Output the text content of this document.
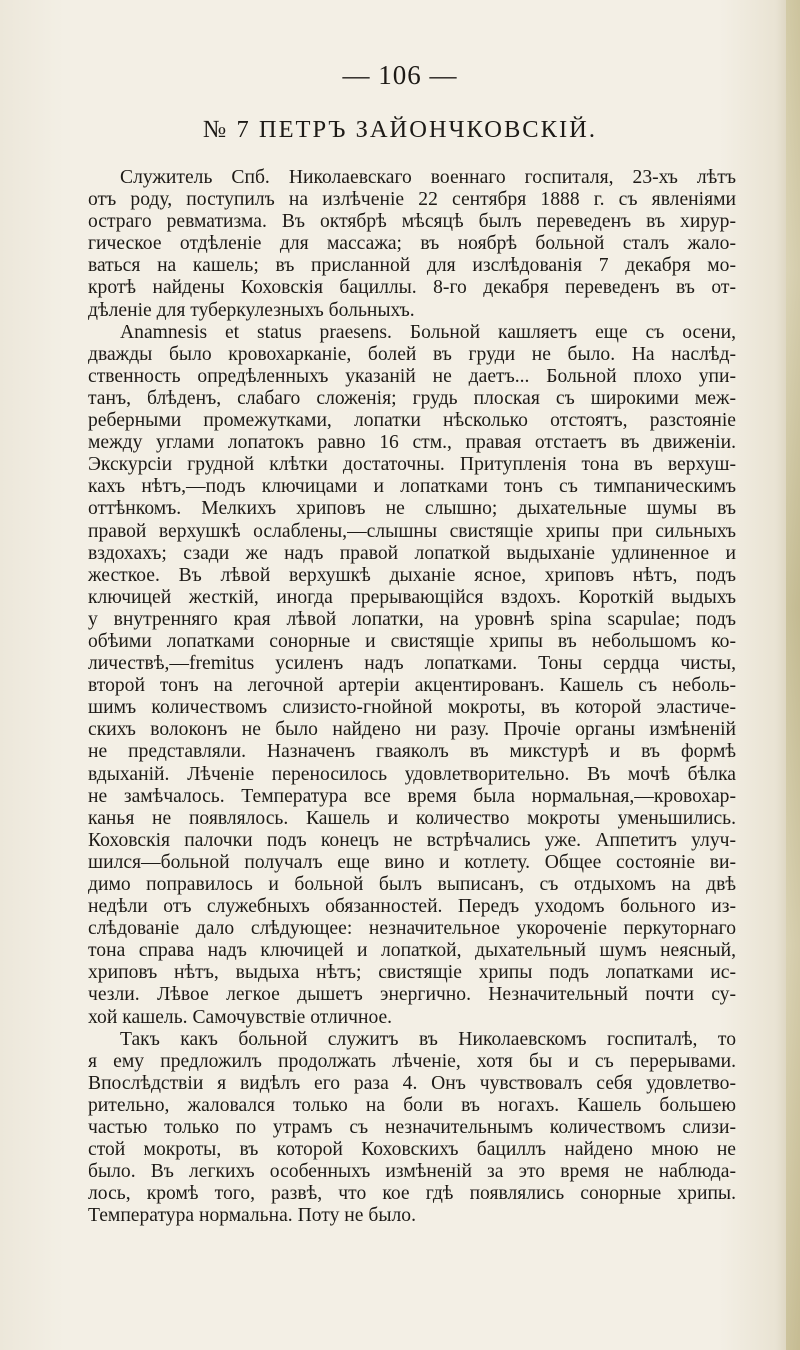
— 106 —
№ 7 ПЕТРЪ ЗАЙОНЧКОВСКІЙ.
Служитель Спб. Николаевскаго военнаго госпиталя, 23-хъ лѣтъ
отъ роду, поступилъ на излѣченіе 22 сентября 1888 г. съ явленіями
остраго ревматизма. Въ октябрѣ мѣсяцѣ былъ переведенъ въ хирур-
гическое отдѣленіе для массажа; въ ноябрѣ больной сталъ жало-
ваться на кашель; въ присланной для изслѣдованія 7 декабря мо-
кротѣ найдены Коховскія бациллы. 8-го декабря переведенъ въ от-
дѣленіе для туберкулезныхъ больныхъ.
Anamnesis et status praesens. Больной кашляетъ еще съ осени,
дважды было кровохарканіе, болей въ груди не было. На наслѣд-
ственность опредѣленныхъ указаній не даетъ... Больной плохо упи-
танъ, блѣденъ, слабаго сложенія; грудь плоская съ широкими меж-
реберными промежутками, лопатки нѣсколько отстоятъ, разстояніе
между углами лопатокъ равно 16 стм., правая отстаетъ въ движеніи.
Экскурсіи грудной клѣтки достаточны. Притупленія тона въ верхуш-
кахъ нѣтъ,—подъ ключицами и лопатками тонъ съ тимпаническимъ
оттѣнкомъ. Мелкихъ хриповъ не слышно; дыхательные шумы въ
правой верхушкѣ ослаблены,—слышны свистящіе хрипы при сильныхъ
вздохахъ; сзади же надъ правой лопаткой выдыханіе удлиненное и
жесткое. Въ лѣвой верхушкѣ дыханіе ясное, хриповъ нѣтъ, подъ
ключицей жесткій, иногда прерывающійся вздохъ. Короткій выдыхъ
у внутренняго края лѣвой лопатки, на уровнѣ spina scapulae; подъ
обѣими лопатками сонорные и свистящіе хрипы въ небольшомъ ко-
личествѣ,—fremitus усиленъ надъ лопатками. Тоны сердца чисты,
второй тонъ на легочной артеріи акцентированъ. Кашель съ неболь-
шимъ количествомъ слизисто-гнойной мокроты, въ которой эластиче-
скихъ волоконъ не было найдено ни разу. Прочіе органы измѣненій
не представляли. Назначенъ гваяколъ въ микстурѣ и въ формѣ
вдыханій. Лѣченіе переносилось удовлетворительно. Въ мочѣ бѣлка
не замѣчалось. Температура все время была нормальная,—кровохар-
канья не появлялось. Кашель и количество мокроты уменьшились.
Коховскія палочки подъ конецъ не встрѣчались уже. Аппетитъ улуч-
шился—больной получалъ еще вино и котлету. Общее состояніе ви-
димо поправилось и больной былъ выписанъ, съ отдыхомъ на двѣ
недѣли отъ служебныхъ обязанностей. Передъ уходомъ больного из-
слѣдованіе дало слѣдующее: незначительное укороченіе перкуторнаго
тона справа надъ ключицей и лопаткой, дыхательный шумъ неясный,
хриповъ нѣтъ, выдыха нѣтъ; свистящіе хрипы подъ лопатками ис-
чезли. Лѣвое легкое дышетъ энергично. Незначительный почти су-
хой кашель. Самочувствіе отличное.
Такъ какъ больной служитъ въ Николаевскомъ госпиталѣ, то
я ему предложилъ продолжать лѣченіе, хотя бы и съ перерывами.
Впослѣдствіи я видѣлъ его раза 4. Онъ чувствовалъ себя удовлетво-
рительно, жаловался только на боли въ ногахъ. Кашель большею
частью только по утрамъ съ незначительнымъ количествомъ слизи-
стой мокроты, въ которой Коховскихъ бациллъ найдено мною не
было. Въ легкихъ особенныхъ измѣненій за это время не наблюда-
лось, кромѣ того, развѣ, что кое гдѣ появлялись сонорные хрипы.
Температура нормальна. Поту не было.
